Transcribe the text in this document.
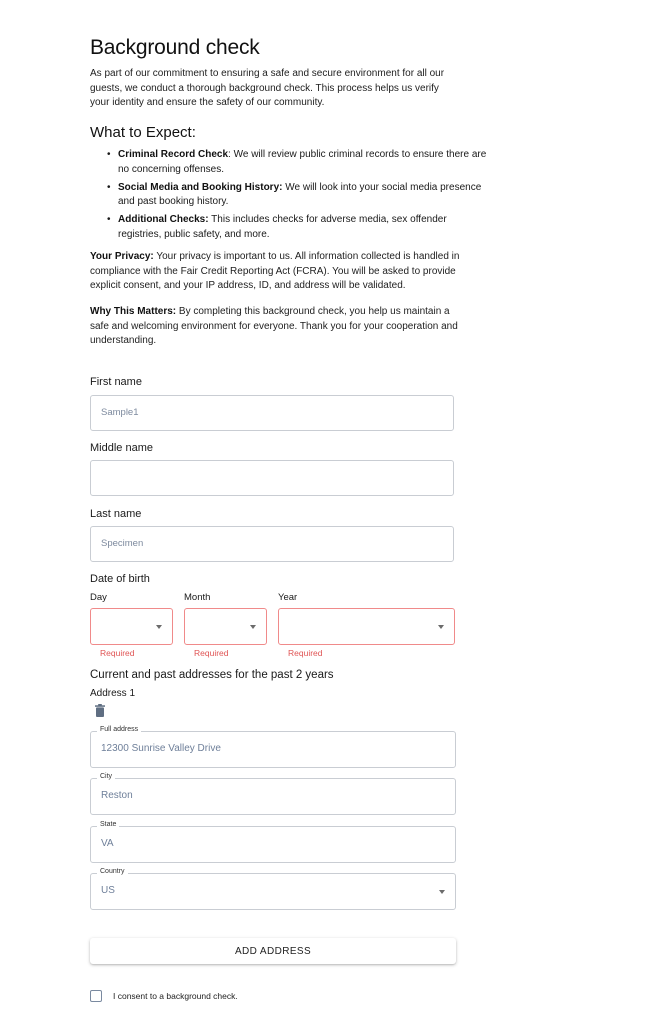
Background check

As part of our commitment to ensuring a safe and secure environment for all our guests, we conduct a thorough background check. This process helps us verify your identity and ensure the safety of our community.

What to Expect:
• Criminal Record Check: We will review public criminal records to ensure there are no concerning offenses.
• Social Media and Booking History: We will look into your social media presence and past booking history.
• Additional Checks: This includes checks for adverse media, sex offender registries, public safety, and more.

Your Privacy: Your privacy is important to us. All information collected is handled in compliance with the Fair Credit Reporting Act (FCRA). You will be asked to provide explicit consent, and your IP address, ID, and address will be validated.

Why This Matters: By completing this background check, you help us maintain a safe and welcoming environment for everyone. Thank you for your cooperation and understanding.

First name
Sample1
Middle name
Last name
Specimen
Date of birth
Day	Month	Year
Required	Required	Required
Current and past addresses for the past 2 years
Address 1
Full address
12300 Sunrise Valley Drive
City
Reston
State
VA
Country
US
ADD ADDRESS
I consent to a background check.
